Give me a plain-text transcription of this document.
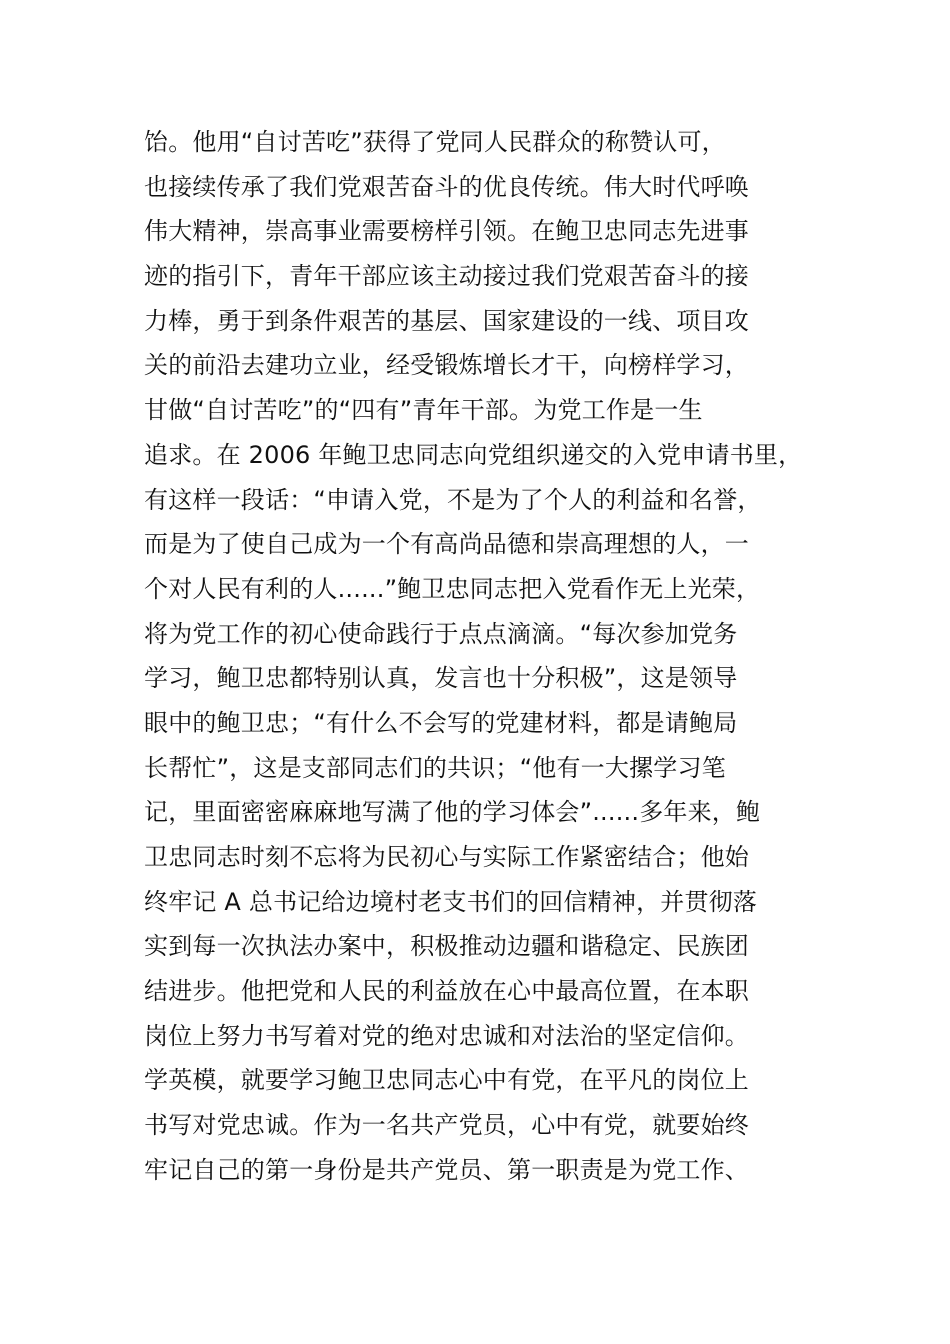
饴。他用“自讨苦吃”获得了党同人民群众的称赞认可，
也接续传承了我们党艰苦奋斗的优良传统。伟大时代呼唤
伟大精神，崇高事业需要榜样引领。在鲍卫忠同志先进事
迹的指引下，青年干部应该主动接过我们党艰苦奋斗的接
力棒，勇于到条件艰苦的基层、国家建设的一线、项目攻
关的前沿去建功立业，经受锻炼增长才干，向榜样学习，
甘做“自讨苦吃”的“四有”青年干部。为党工作是一生
追求。在 2006 年鲍卫忠同志向党组织递交的入党申请书里，
有这样一段话：“申请入党，不是为了个人的利益和名誉，
而是为了使自己成为一个有高尚品德和崇高理想的人，一
个对人民有利的人......”鲍卫忠同志把入党看作无上光荣，
将为党工作的初心使命践行于点点滴滴。“每次参加党务
学习，鲍卫忠都特别认真，发言也十分积极”，这是领导
眼中的鲍卫忠；“有什么不会写的党建材料，都是请鲍局
长帮忙”，这是支部同志们的共识；“他有一大摞学习笔
记，里面密密麻麻地写满了他的学习体会”......多年来，鲍
卫忠同志时刻不忘将为民初心与实际工作紧密结合；他始
终牢记 A 总书记给边境村老支书们的回信精神，并贯彻落
实到每一次执法办案中，积极推动边疆和谐稳定、民族团
结进步。他把党和人民的利益放在心中最高位置，在本职
岗位上努力书写着对党的绝对忠诚和对法治的坚定信仰。
学英模，就要学习鲍卫忠同志心中有党，在平凡的岗位上
书写对党忠诚。作为一名共产党员，心中有党，就要始终
牢记自己的第一身份是共产党员、第一职责是为党工作、
